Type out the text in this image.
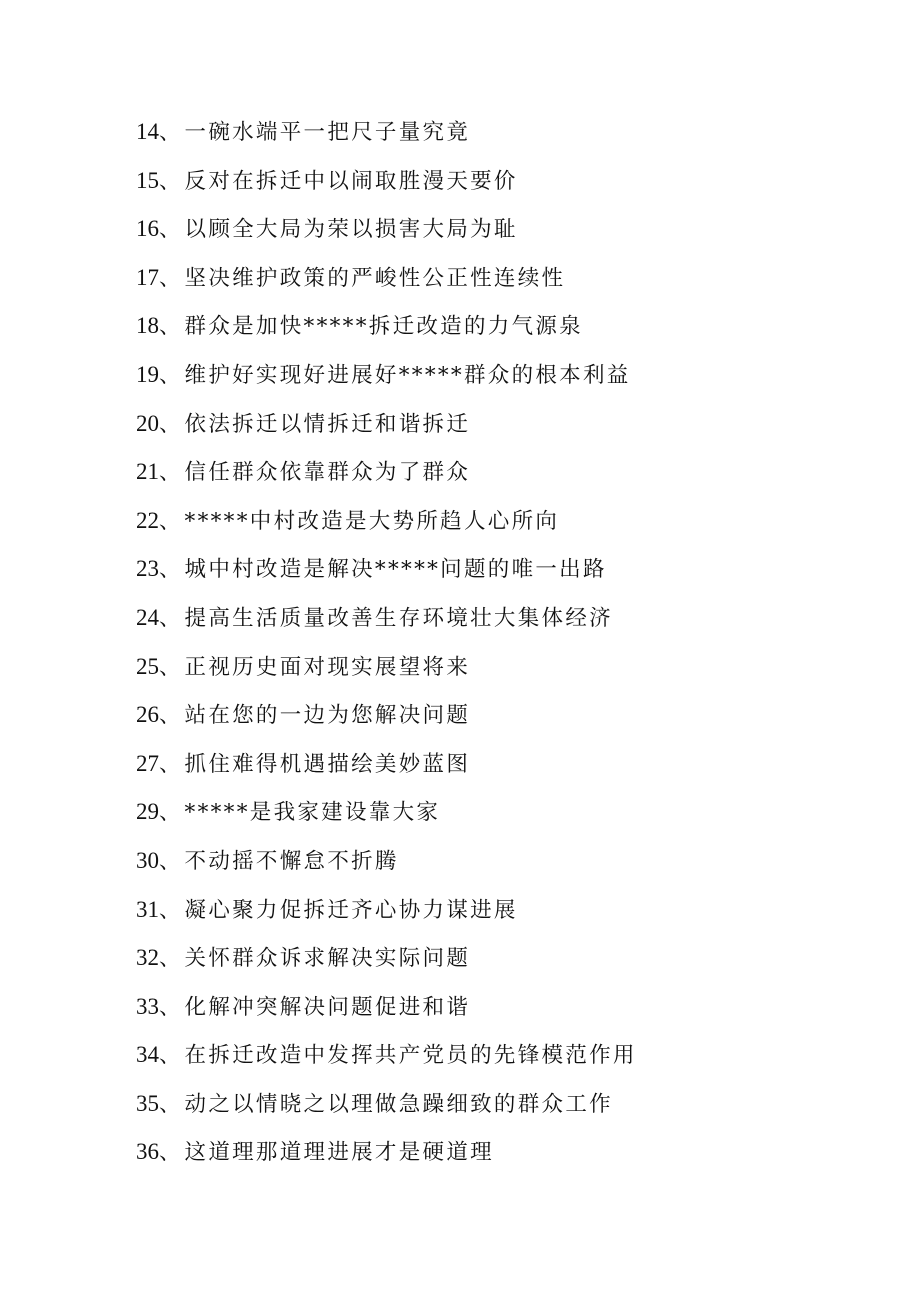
14、 一碗水端平一把尺子量究竟
15、 反对在拆迁中以闹取胜漫天要价
16、 以顾全大局为荣以损害大局为耻
17、 坚决维护政策的严峻性公正性连续性
18、 群众是加快*****拆迁改造的力气源泉
19、 维护好实现好进展好*****群众的根本利益
20、 依法拆迁以情拆迁和谐拆迁
21、 信任群众依靠群众为了群众
22、 *****中村改造是大势所趋人心所向
23、 城中村改造是解决*****问题的唯一出路
24、 提高生活质量改善生存环境壮大集体经济
25、 正视历史面对现实展望将来
26、 站在您的一边为您解决问题
27、 抓住难得机遇描绘美妙蓝图
29、 *****是我家建设靠大家
30、 不动摇不懈怠不折腾
31、 凝心聚力促拆迁齐心协力谋进展
32、 关怀群众诉求解决实际问题
33、 化解冲突解决问题促进和谐
34、 在拆迁改造中发挥共产党员的先锋模范作用
35、 动之以情晓之以理做急躁细致的群众工作
36、 这道理那道理进展才是硬道理
